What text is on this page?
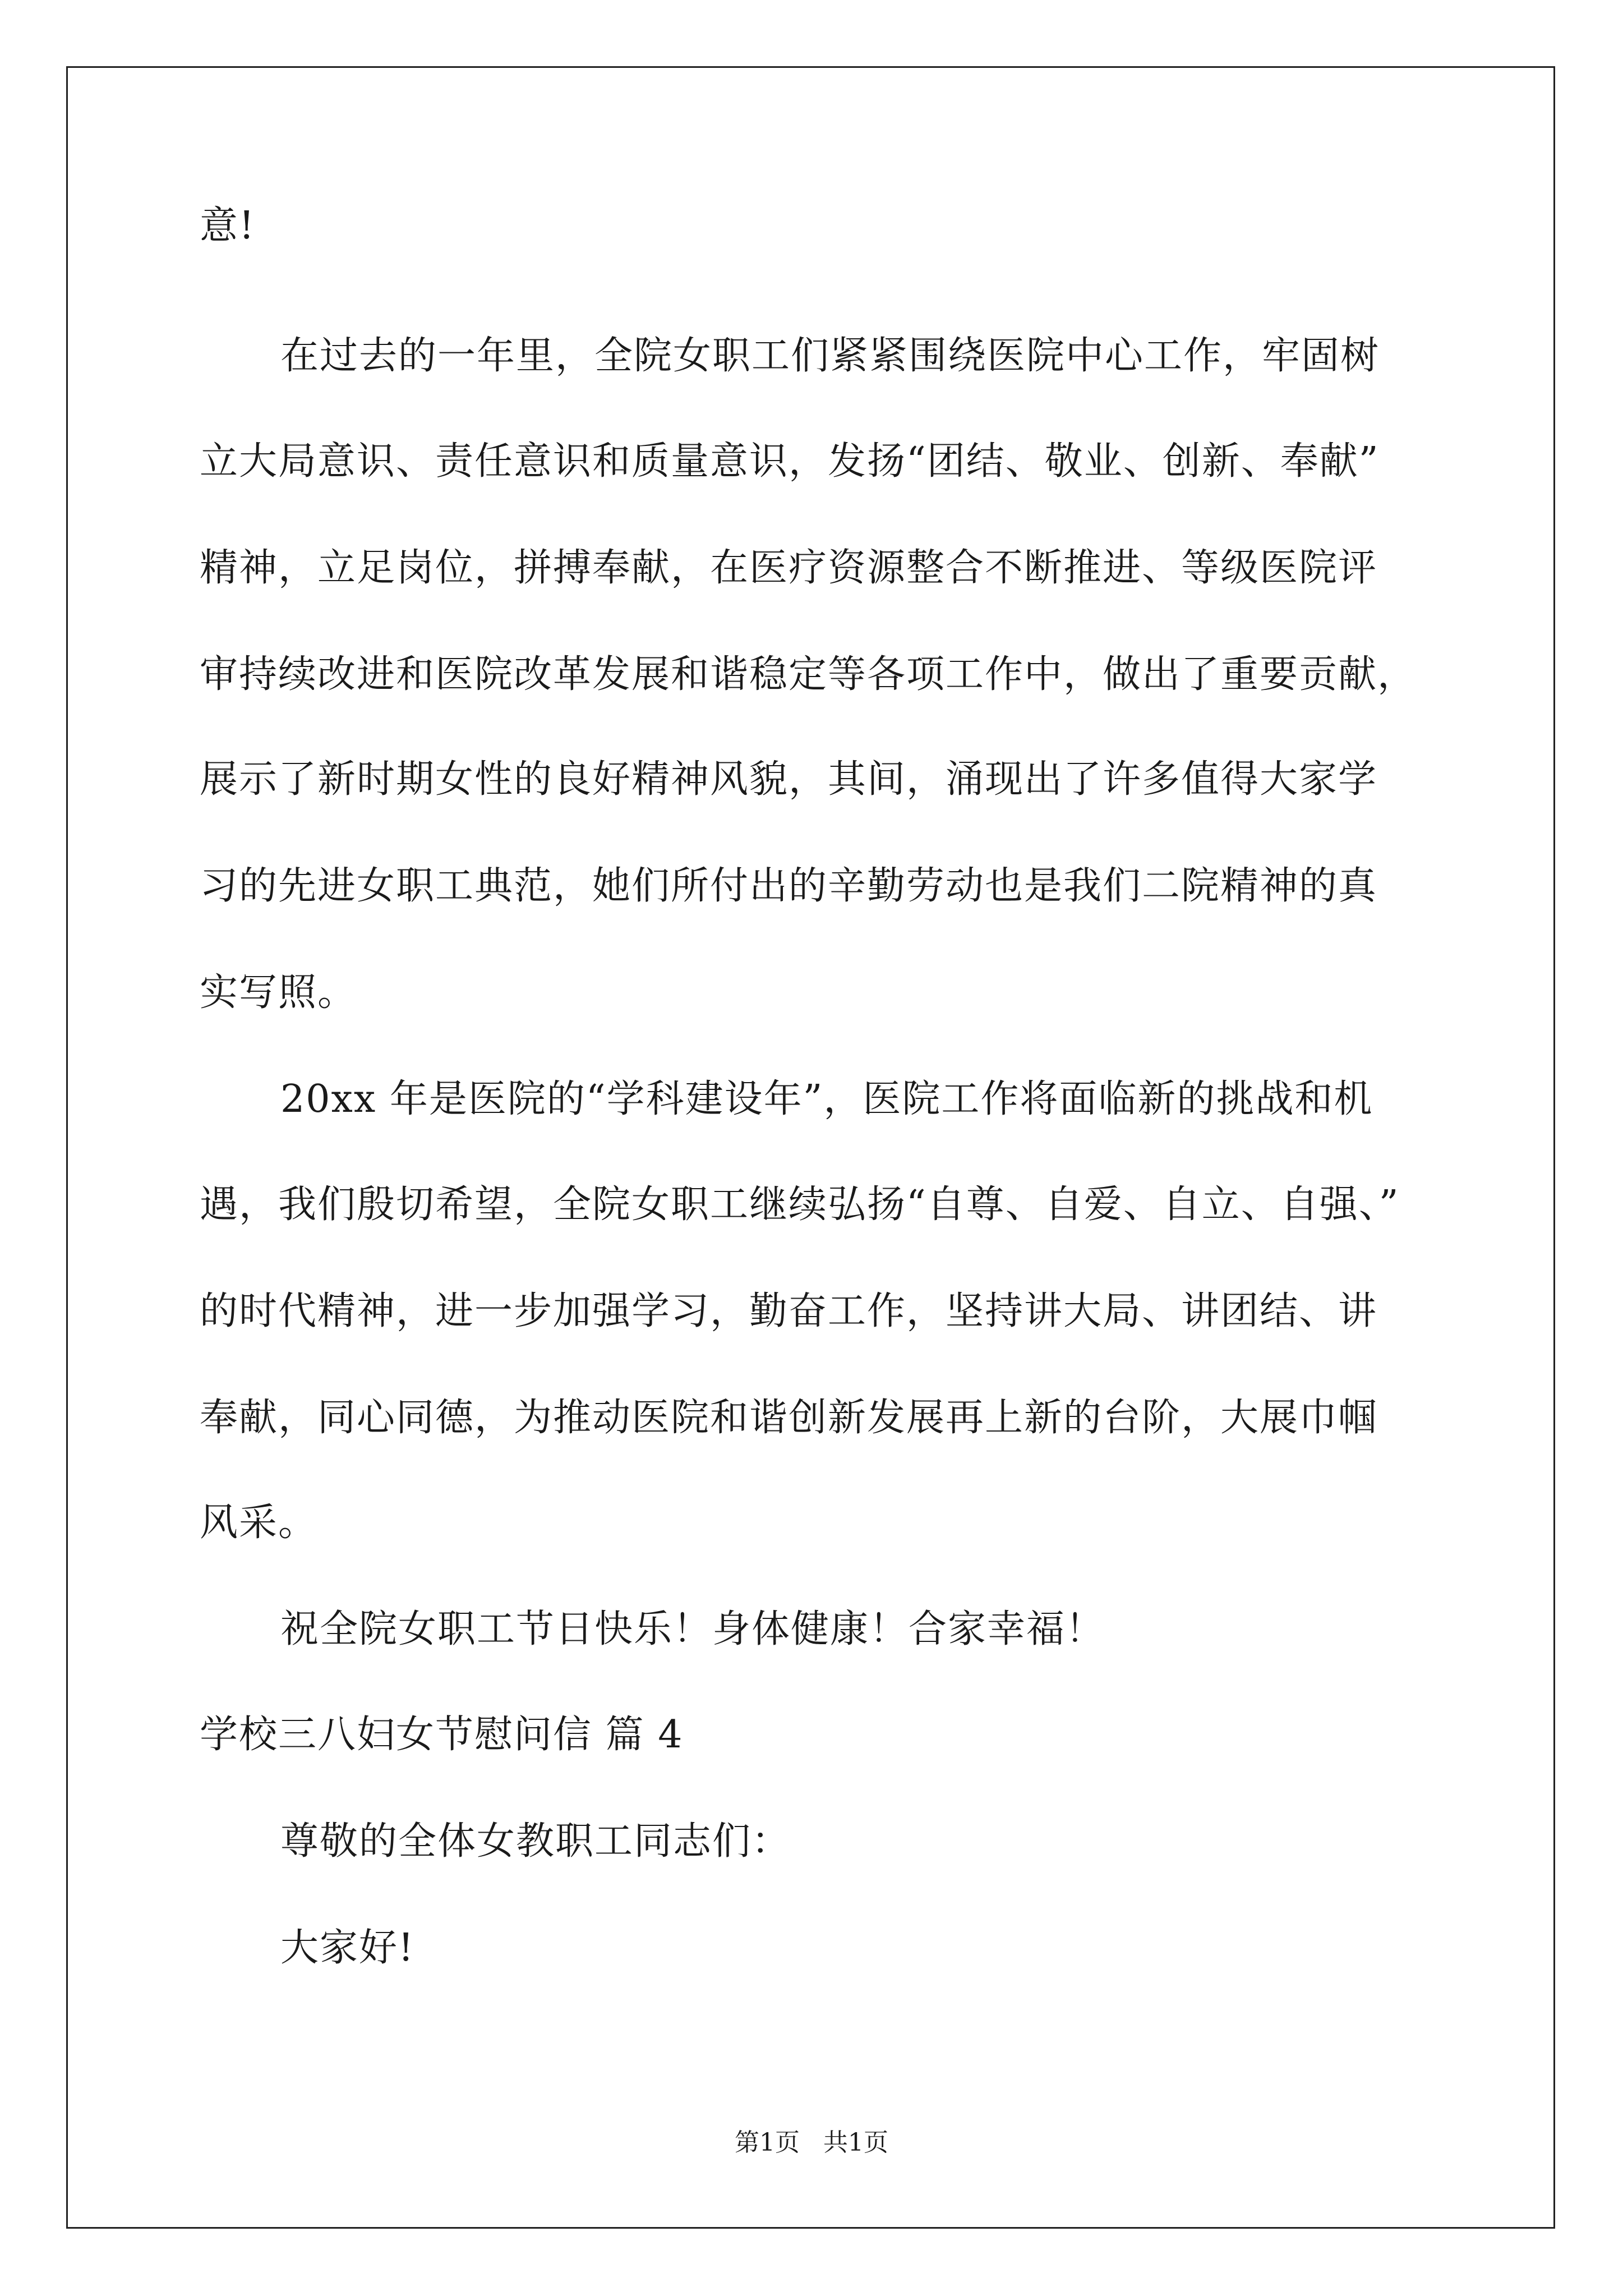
意!
在过去的一年里，全院女职工们紧紧围绕医院中心工作，牢固树
立大局意识、责任意识和质量意识，发扬“团结、敬业、创新、奉献”
精神，立足岗位，拼搏奉献，在医疗资源整合不断推进、等级医院评
审持续改进和医院改革发展和谐稳定等各项工作中，做出了重要贡献，
展示了新时期女性的良好精神风貌，其间，涌现出了许多值得大家学
习的先进女职工典范，她们所付出的辛勤劳动也是我们二院精神的真
实写照。
20xx 年是医院的“学科建设年”，医院工作将面临新的挑战和机
遇，我们殷切希望，全院女职工继续弘扬“自尊、自爱、自立、自强、”
的时代精神，进一步加强学习，勤奋工作，坚持讲大局、讲团结、讲
奉献，同心同德，为推动医院和谐创新发展再上新的台阶，大展巾帼
风采。
祝全院女职工节日快乐！身体健康！合家幸福！
学校三八妇女节慰问信 篇 4
尊敬的全体女教职工同志们：
大家好!
第1页   共1页
